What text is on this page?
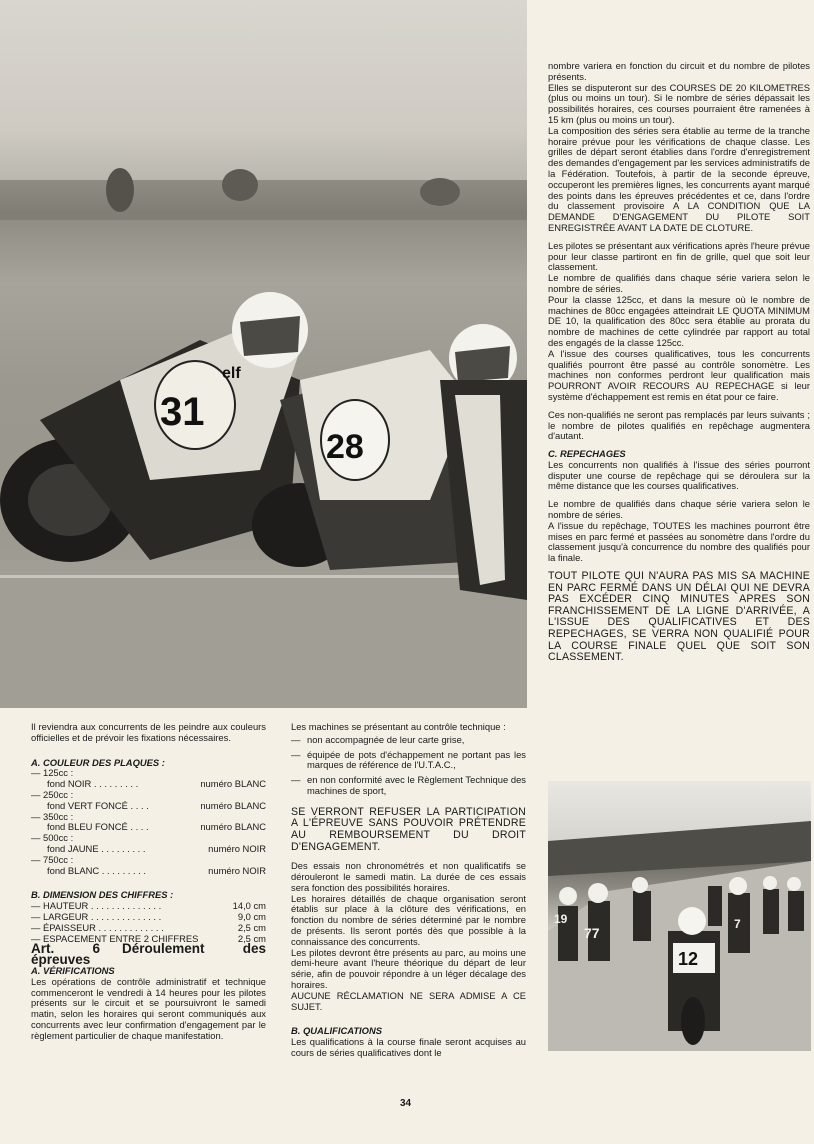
31
elf
28
12
77
19	7

nombre variera en fonction du circuit et du nombre de pilotes présents.

Elles se disputeront sur des COURSES DE 20 KILOMETRES (plus ou moins un tour). Si le nombre de séries dépassait les possibilités horaires, ces courses pourraient être ramenées à 15 km (plus ou moins un tour).

La composition des séries sera établie au terme de la tranche horaire prévue pour les vérifications de chaque classe. Les grilles de départ seront établies dans l'ordre d'enregistrement des demandes d'engagement par les services administratifs de la Fédération. Toutefois, à partir de la seconde épreuve, occuperont les premières lignes, les concurrents ayant marqué des points dans les épreuves précédentes et ce, dans l'ordre du classement provisoire A LA CONDITION QUE LA DEMANDE D'ENGAGEMENT DU PILOTE SOIT ENREGISTRÉE AVANT LA DATE DE CLOTURE.

Les pilotes se présentant aux vérifications après l'heure prévue pour leur classe partiront en fin de grille, quel que soit leur classement.

Le nombre de qualifiés dans chaque série variera selon le nombre de séries.

Pour la classe 125cc, et dans la mesure où le nombre de machines de 80cc engagées atteindrait LE QUOTA MINIMUM DE 10, la qualification des 80cc sera établie au prorata du nombre de machines de cette cylindrée par rapport au total des engagés de la classe 125cc.

A l'issue des courses qualificatives, tous les concurrents qualifiés pourront être passé au contrôle sonomètre. Les machines non conformes perdront leur qualification mais POURRONT AVOIR RECOURS AU REPECHAGE si leur système d'échappement est remis en état pour ce faire.

Ces non-qualifiés ne seront pas remplacés par leurs suivants ; le nombre de pilotes qualifiés en repêchage augmentera d'autant.

C. REPECHAGES

Les concurrents non qualifiés à l'issue des séries pourront disputer une course de repêchage qui se déroulera sur la même distance que les courses qualificatives.

Le nombre de qualifiés dans chaque série variera selon le nombre de séries.

A l'issue du repêchage, TOUTES les machines pourront être mises en parc fermé et passées au sonomètre dans l'ordre du classement jusqu'à concurrence du nombre des qualifiés pour la finale.

TOUT PILOTE QUI N'AURA PAS MIS SA MACHINE EN PARC FERMÉ DANS UN DÉLAI QUI NE DEVRA PAS EXCÉDER CINQ MINUTES APRES SON FRANCHISSEMENT DE LA LIGNE D'ARRIVÉE, A L'ISSUE DES QUALIFICATIVES ET DES REPECHAGES, SE VERRA NON QUALIFIÉ POUR LA COURSE FINALE QUEL QUE SOIT SON CLASSEMENT.

Il reviendra aux concurrents de les peindre aux couleurs officielles et de prévoir les fixations nécessaires.

A. COULEUR DES PLAQUES :

— 125cc :

fond NOIR . . . . . . . . .	numéro BLANC

— 250cc :

fond VERT FONCÉ . . . .	numéro BLANC

— 350cc :

fond BLEU FONCÉ . . . .	numéro BLANC

— 500cc :

fond JAUNE . . . . . . . . .	numéro NOIR

— 750cc :

fond BLANC . . . . . . . . .	numéro NOIR

B. DIMENSION DES CHIFFRES :

— HAUTEUR . . . . . . . . . . . . . .	14,0 cm
— LARGEUR . . . . . . . . . . . . . .	9,0 cm
— ÉPAISSEUR . . . . . . . . . . . . .	2,5 cm
— ESPACEMENT ENTRE 2 CHIFFRES	2,5 cm

Art. 6 Déroulement des épreuves

A. VÉRIFICATIONS

Les opérations de contrôle administratif et technique commenceront le vendredi à 14 heures pour les pilotes présents sur le circuit et se poursuivront le samedi matin, selon les horaires qui seront communiqués aux concurrents avec leur confirmation d'engagement par le règlement particulier de chaque manifestation.

Les machines se présentant au contrôle technique :

— non accompagnée de leur carte grise,
— équipée de pots d'échappement ne portant pas les marques de référence de l'U.T.A.C.,
— en non conformité avec le Règlement Technique des machines de sport,

SE VERRONT REFUSER LA PARTICIPATION A L'ÉPREUVE SANS POUVOIR PRÉTENDRE AU REMBOURSEMENT DU DROIT D'ENGAGEMENT.

Des essais non chronométrés et non qualificatifs se dérouleront le samedi matin. La durée de ces essais sera fonction des possibilités horaires.

Les horaires détaillés de chaque organisation seront établis sur place à la clôture des vérifications, en fonction du nombre de séries déterminé par le nombre de présents. Ils seront portés dès que possible à la connaissance des concurrents.

Les pilotes devront être présents au parc, au moins une demi-heure avant l'heure théorique du départ de leur série, afin de pouvoir répondre à un léger décalage des horaires.

AUCUNE RÉCLAMATION NE SERA ADMISE A CE SUJET.

B. QUALIFICATIONS

Les qualifications à la course finale seront acquises au cours de séries qualificatives dont le

34
